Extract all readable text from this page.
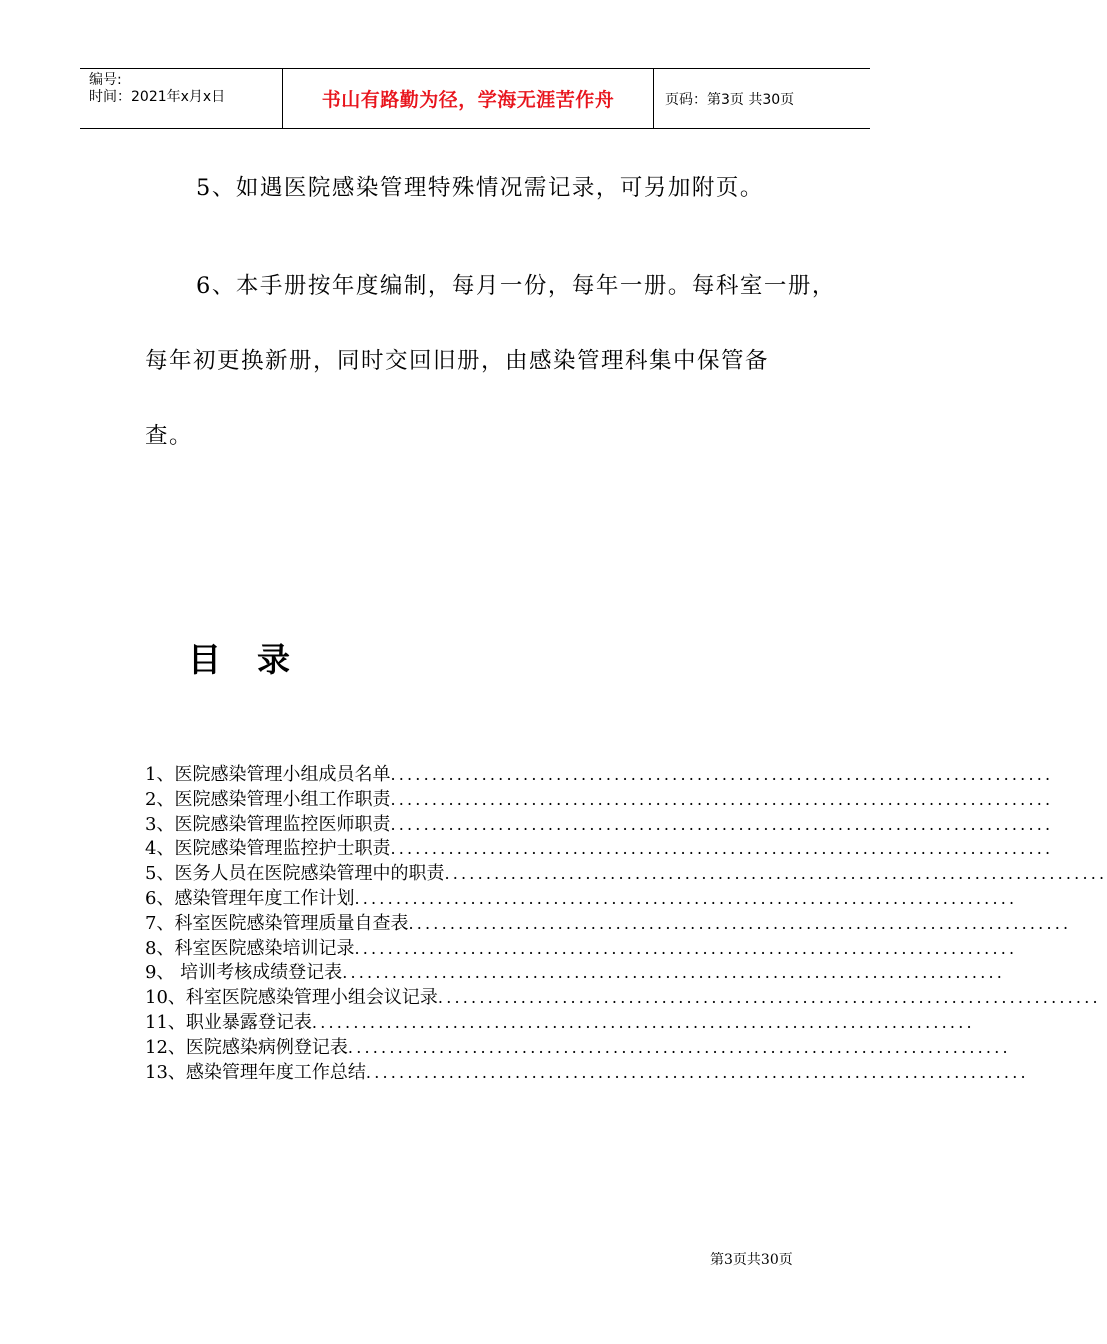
编号:
时间：2021年x月x日	书山有路勤为径，学海无涯苦作舟	页码：第3页 共30页
5、如遇医院感染管理特殊情况需记录，可另加附页。
6、本手册按年度编制，每月一份，每年一册。每科室一册，
每年初更换新册，同时交回旧册，由感染管理科集中保管备
查。
目录
1、医院感染管理小组成员名单 ................................................................................
2、医院感染管理小组工作职责 ................................................................................
3、医院感染管理监控医师职责 ................................................................................
4、医院感染管理监控护士职责 ................................................................................
5、医务人员在医院感染管理中的职责 ................................................................................
6、感染管理年度工作计划 ................................................................................
7、科室医院感染管理质量自查表 ................................................................................
8、科室医院感染培训记录 ................................................................................
9、 培训考核成绩登记表 ................................................................................
10、科室医院感染管理小组会议记录 ................................................................................
11、职业暴露登记表 ................................................................................
12、医院感染病例登记表 ................................................................................
13、感染管理年度工作总结 ................................................................................
第3页共30页
